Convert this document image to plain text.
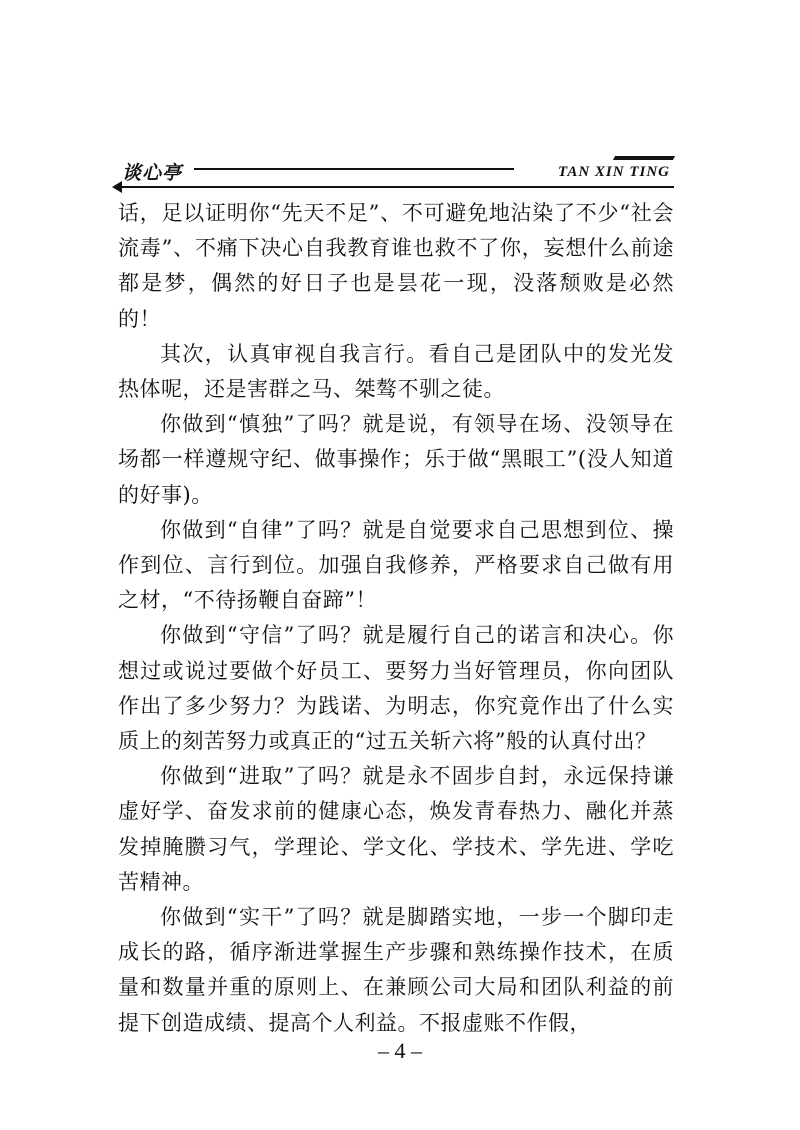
谈心亭	TAN XIN TING

话，足以证明你“先天不足”、不可避免地沾染了不少“社会流毒”、不痛下决心自我教育谁也救不了你，妄想什么前途都是梦，偶然的好日子也是昙花一现，没落颓败是必然的！

其次，认真审视自我言行。看自己是团队中的发光发热体呢，还是害群之马、桀骜不驯之徒。

你做到“慎独”了吗？就是说，有领导在场、没领导在场都一样遵规守纪、做事操作；乐于做“黑眼工”(没人知道的好事)。

你做到“自律”了吗？就是自觉要求自己思想到位、操作到位、言行到位。加强自我修养，严格要求自己做有用之材，“不待扬鞭自奋蹄”！

你做到“守信”了吗？就是履行自己的诺言和决心。你想过或说过要做个好员工、要努力当好管理员，你向团队作出了多少努力？为践诺、为明志，你究竟作出了什么实质上的刻苦努力或真正的“过五关斩六将”般的认真付出？

你做到“进取”了吗？就是永不固步自封，永远保持谦虚好学、奋发求前的健康心态，焕发青春热力、融化并蒸发掉腌臜习气，学理论、学文化、学技术、学先进、学吃苦精神。

你做到“实干”了吗？就是脚踏实地，一步一个脚印走成长的路，循序渐进掌握生产步骤和熟练操作技术，在质量和数量并重的原则上、在兼顾公司大局和团队利益的前提下创造成绩、提高个人利益。不报虚账不作假，

– 4 –
